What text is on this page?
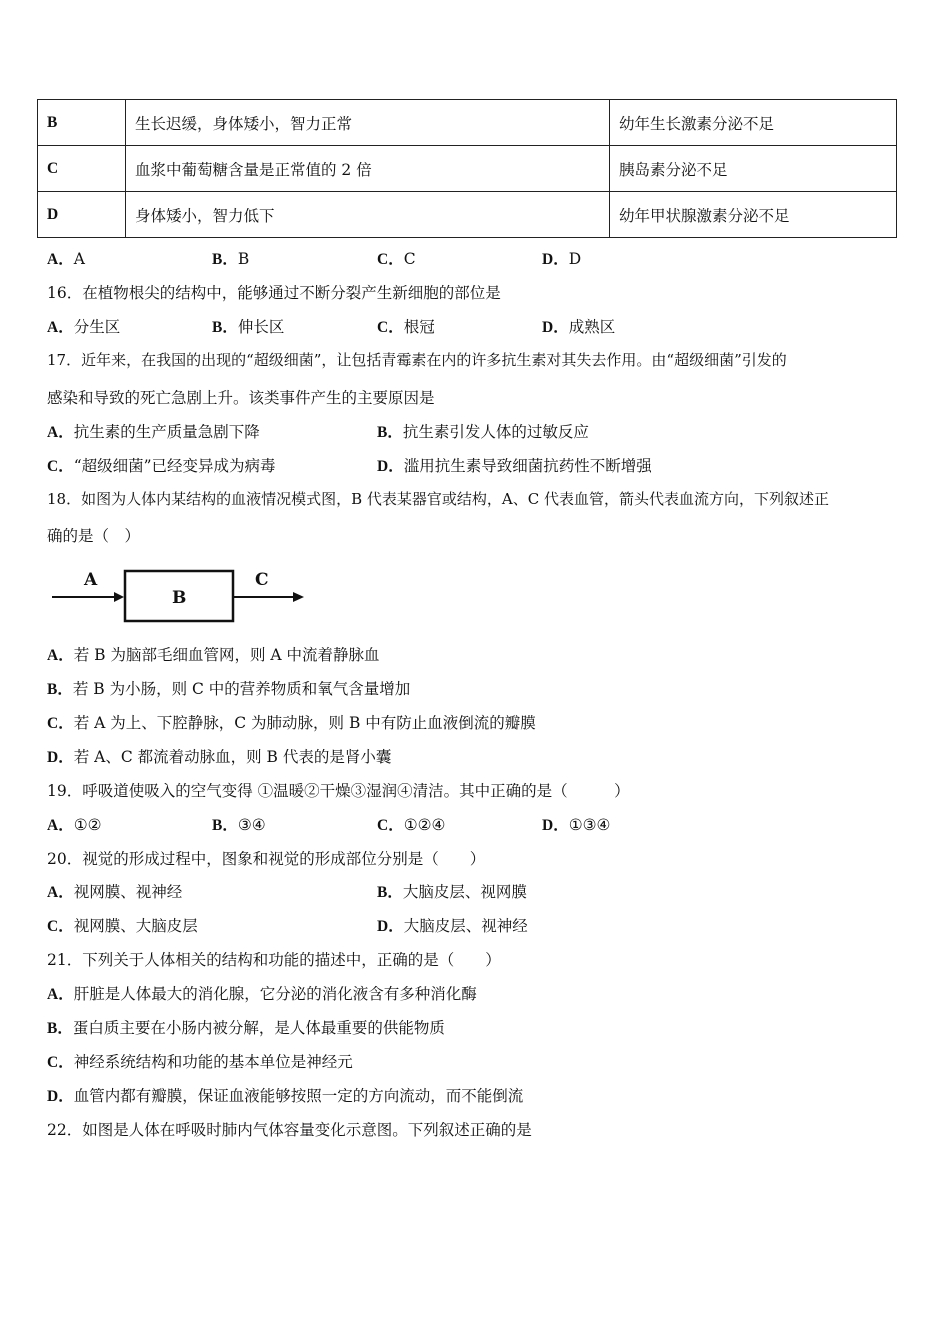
B	生长迟缓，身体矮小，智力正常	幼年生长激素分泌不足
C	血浆中葡萄糖含量是正常值的 2 倍	胰岛素分泌不足
D	身体矮小，智力低下	幼年甲状腺激素分泌不足
A．A	B．B	C．C	D．D
16．在植物根尖的结构中，能够通过不断分裂产生新细胞的部位是
A．分生区	B．伸长区	C．根冠	D．成熟区
17．近年来，在我国的出现的“超级细菌”，让包括青霉素在内的许多抗生素对其失去作用。由“超级细菌”引发的
感染和导致的死亡急剧上升。该类事件产生的主要原因是
A．抗生素的生产质量急剧下降	B．抗生素引发人体的过敏反应
C．“超级细菌”已经变异成为病毒	D．滥用抗生素导致细菌抗药性不断增强
18．如图为人体内某结构的血液情况模式图，B 代表某器官或结构，A、C 代表血管，箭头代表血流方向，下列叙述正
确的是（　）
A
B
C
A．若 B 为脑部毛细血管网，则 A 中流着静脉血
B．若 B 为小肠，则 C 中的营养物质和氧气含量增加
C．若 A 为上、下腔静脉，C 为肺动脉，则 B 中有防止血液倒流的瓣膜
D．若 A、C 都流着动脉血，则 B 代表的是肾小囊
19．呼吸道使吸入的空气变得 ①温暖②干燥③湿润④清洁。其中正确的是（　　　）
A．①②	B．③④	C．①②④	D．①③④
20．视觉的形成过程中，图象和视觉的形成部位分别是（　　）
A．视网膜、视神经	B．大脑皮层、视网膜
C．视网膜、大脑皮层	D．大脑皮层、视神经
21．下列关于人体相关的结构和功能的描述中，正确的是（　　）
A．肝脏是人体最大的消化腺，它分泌的消化液含有多种消化酶
B．蛋白质主要在小肠内被分解，是人体最重要的供能物质
C．神经系统结构和功能的基本单位是神经元
D．血管内都有瓣膜，保证血液能够按照一定的方向流动，而不能倒流
22．如图是人体在呼吸时肺内气体容量变化示意图。下列叙述正确的是
